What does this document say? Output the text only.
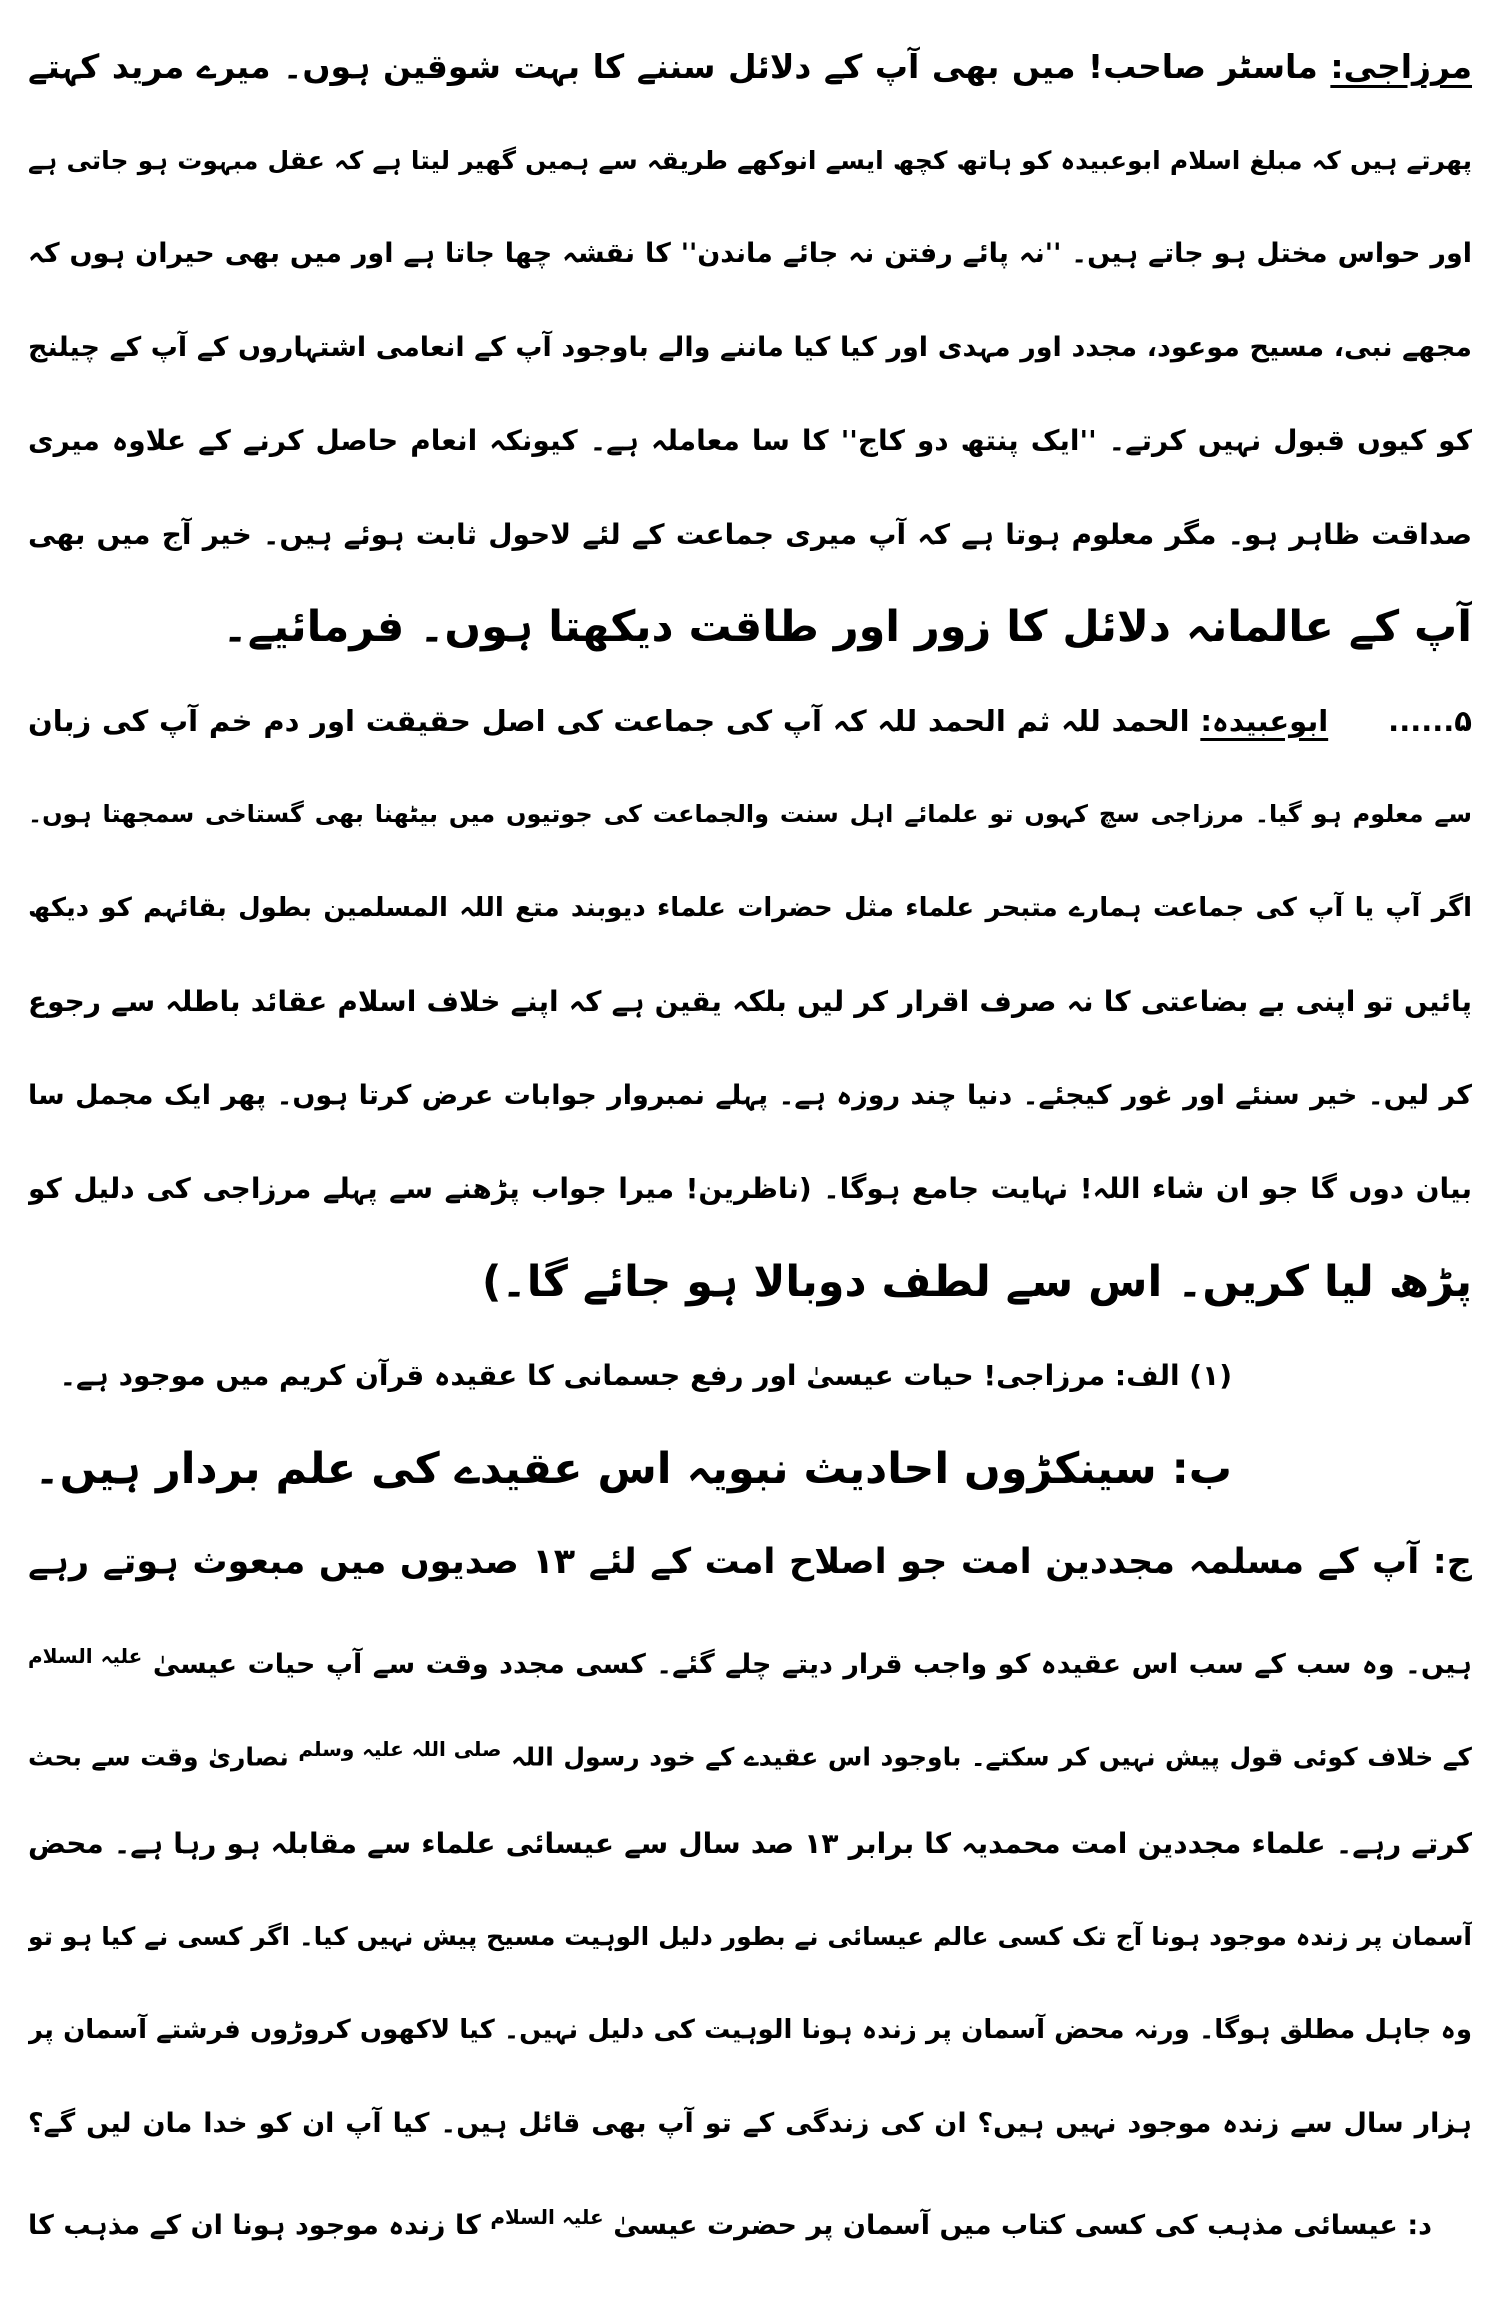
مرزاجی: ماسٹر صاحب! میں بھی آپ کے دلائل سننے کا بہت شوقین ہوں۔ میرے مرید کہتے
پھرتے ہیں کہ مبلغ اسلام ابوعبیدہ کو ہاتھ کچھ ایسے انوکھے طریقہ سے ہمیں گھیر لیتا ہے کہ عقل مبہوت ہو جاتی ہے
اور حواس مختل ہو جاتے ہیں۔ ''نہ پائے رفتن نہ جائے ماندن'' کا نقشہ چھا جاتا ہے اور میں بھی حیران ہوں کہ
مجھے نبی، مسیح موعود، مجدد اور مہدی اور کیا کیا ماننے والے باوجود آپ کے انعامی اشتہاروں کے آپ کے چیلنج
کو کیوں قبول نہیں کرتے۔ ''ایک پنتھ دو کاج'' کا سا معاملہ ہے۔ کیونکہ انعام حاصل کرنے کے علاوہ میری
صداقت ظاہر ہو۔ مگر معلوم ہوتا ہے کہ آپ میری جماعت کے لئے لاحول ثابت ہوئے ہیں۔ خیر آج میں بھی
آپ کے عالمانہ دلائل کا زور اور طاقت دیکھتا ہوں۔ فرمائیے۔
۵......ابوعبیدہ: الحمد للہ ثم الحمد للہ کہ آپ کی جماعت کی اصل حقیقت اور دم خم آپ کی زبان
سے معلوم ہو گیا۔ مرزاجی سچ کہوں تو علمائے اہل سنت والجماعت کی جوتیوں میں بیٹھنا بھی گستاخی سمجھتا ہوں۔
اگر آپ یا آپ کی جماعت ہمارے متبحر علماء مثل حضرات علماء دیوبند متع اللہ المسلمین بطول بقائہم کو دیکھ
پائیں تو اپنی بے بضاعتی کا نہ صرف اقرار کر لیں بلکہ یقین ہے کہ اپنے خلاف اسلام عقائد باطلہ سے رجوع
کر لیں۔ خیر سنئے اور غور کیجئے۔ دنیا چند روزہ ہے۔ پہلے نمبروار جوابات عرض کرتا ہوں۔ پھر ایک مجمل سا
بیان دوں گا جو ان شاء اللہ! نہایت جامع ہوگا۔ (ناظرین! میرا جواب پڑھنے سے پہلے مرزاجی کی دلیل کو
پڑھ لیا کریں۔ اس سے لطف دوبالا ہو جائے گا۔)
(۱) الف: مرزاجی! حیات عیسیٰ اور رفع جسمانی کا عقیدہ قرآن کریم میں موجود ہے۔
ب: سینکڑوں احادیث نبویہ اس عقیدے کی علم بردار ہیں۔
ج: آپ کے مسلمہ مجددین امت جو اصلاح امت کے لئے ۱۳ صدیوں میں مبعوث ہوتے رہے
ہیں۔ وہ سب کے سب اس عقیدہ کو واجب قرار دیتے چلے گئے۔ کسی مجدد وقت سے آپ حیات عیسیٰ $^{علیہ السلام}$
کے خلاف کوئی قول پیش نہیں کر سکتے۔ باوجود اس عقیدے کے خود رسول اللہ $^{صلی اللہ علیہ وسلم}$ نصاریٰ وقت سے بحث
کرتے رہے۔ علماء مجددین امت محمدیہ کا برابر ۱۳ صد سال سے عیسائی علماء سے مقابلہ ہو رہا ہے۔ محض
آسمان پر زندہ موجود ہونا آج تک کسی عالم عیسائی نے بطور دلیل الوہیت مسیح پیش نہیں کیا۔ اگر کسی نے کیا ہو تو
وہ جاہل مطلق ہوگا۔ ورنہ محض آسمان پر زندہ ہونا الوہیت کی دلیل نہیں۔ کیا لاکھوں کروڑوں فرشتے آسمان پر
ہزار سال سے زندہ موجود نہیں ہیں؟ ان کی زندگی کے تو آپ بھی قائل ہیں۔ کیا آپ ان کو خدا مان لیں گے؟
د: عیسائی مذہب کی کسی کتاب میں آسمان پر حضرت عیسیٰ $^{علیہ السلام}$ کا زندہ موجود ہونا ان کے مذہب کا
